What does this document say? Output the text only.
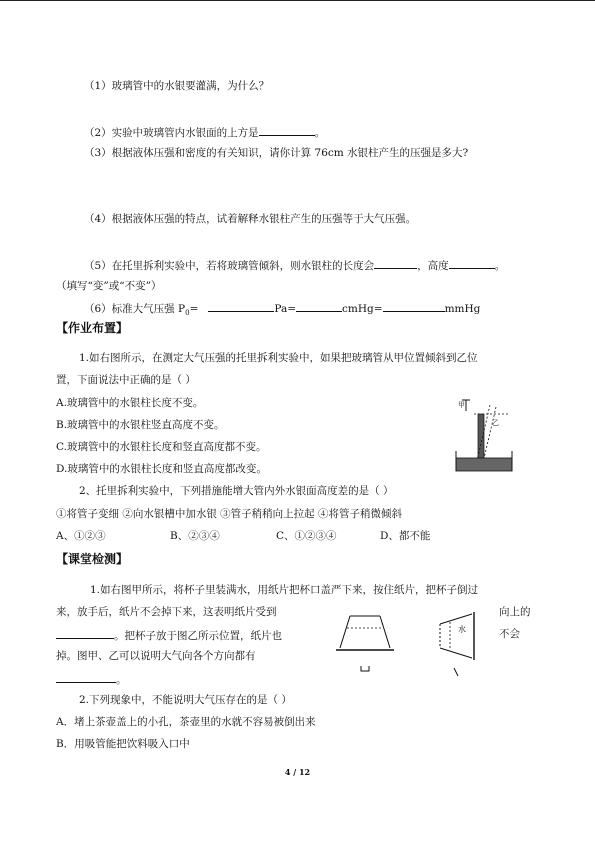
（1）玻璃管中的水银要灌满，为什么？
（2）实验中玻璃管内水银面的上方是	。
（3）根据液体压强和密度的有关知识，请你计算 76cm 水银柱产生的压强是多大?
（4）根据液体压强的特点，试着解释水银柱产生的压强等于大气压强。
（5）在托里拆利实验中，若将玻璃管倾斜，则水银柱的长度会	，高度	。
（填写“变”或“不变”）
（6）标准大气压强 $P_0=$	Pa=	cmHg=	mmHg
【作业布置】
1.如右图所示，在测定大气压强的托里拆利实验中，如果把玻璃管从甲位置倾斜到乙位
置，下面说法中正确的是（ ）
A.玻璃管中的水银柱长度不变。
B.玻璃管中的水银柱竖直高度不变。
C.玻璃管中的水银柱长度和竖直高度都不变。
D.玻璃管中的水银柱长度和竖直高度都改变。
甲
乙
2、托里拆利实验中，下列措施能增大管内外水银面高度差的是（ ）
①将管子变细 ②向水银槽中加水银 ③管子稍稍向上拉起 ④将管子稍微倾斜
A、①②③	B、②③④	C、①②③④	D、都不能
【课堂检测】
1.如右图甲所示，将杯子里装满水，用纸片把杯口盖严下来，按住纸片，把杯子倒过
来，放手后，纸片不会掉下来，这表明纸片受到	向上的
。把杯子放于图乙所示位置，纸片也	不会
掉。图甲、乙可以说明大气向各个方向都有
。
水
2.下列现象中，不能说明大气压存在的是（ ）
A．堵上茶壶盖上的小孔，茶壶里的水就不容易被倒出来
B．用吸管能把饮料吸入口中
4 / 12
